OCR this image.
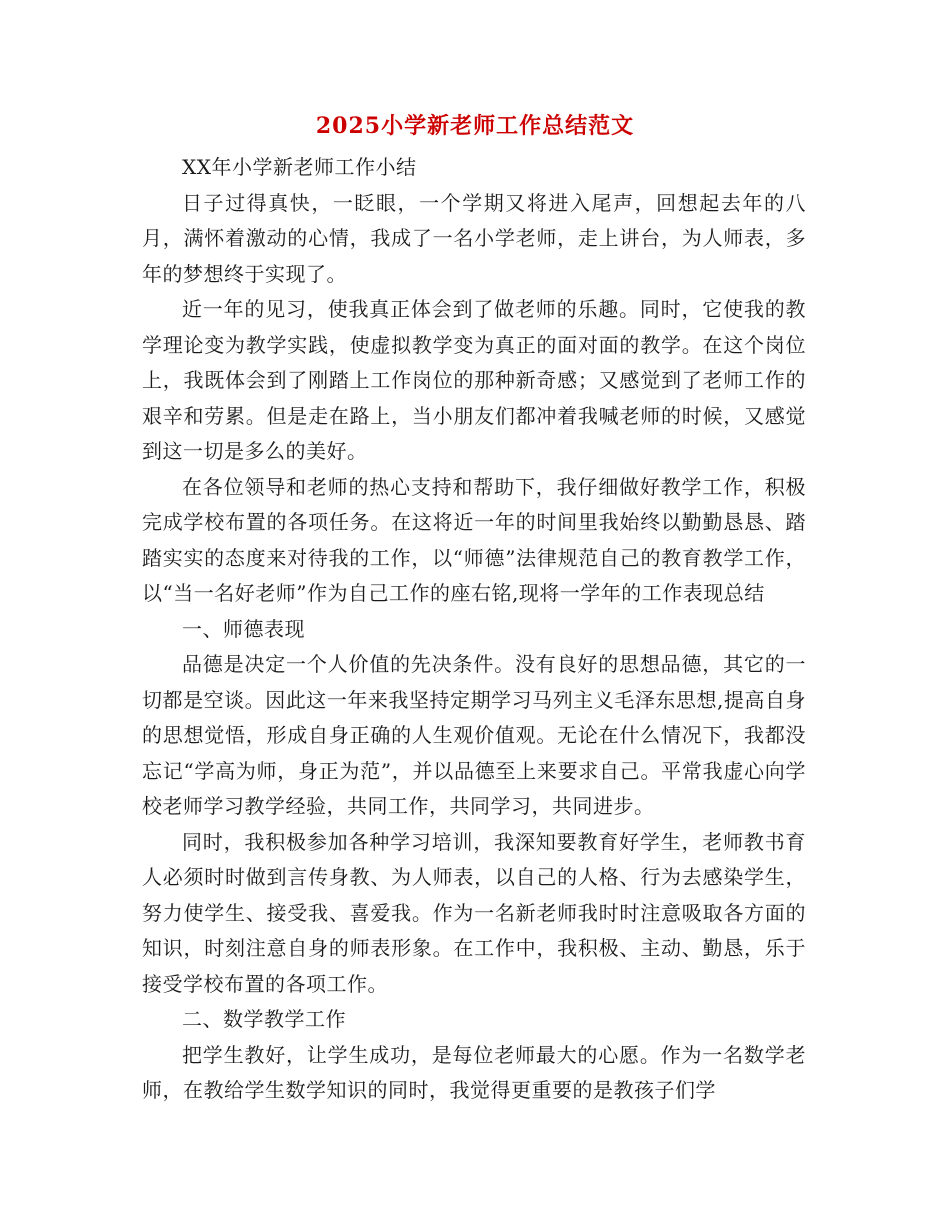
2025小学新老师工作总结范文

XX年小学新老师工作小结

日子过得真快，一眨眼，一个学期又将进入尾声，回想起去年的八月，满怀着激动的心情，我成了一名小学老师，走上讲台，为人师表，多年的梦想终于实现了。

近一年的见习，使我真正体会到了做老师的乐趣。同时，它使我的教学理论变为教学实践，使虚拟教学变为真正的面对面的教学。在这个岗位上，我既体会到了刚踏上工作岗位的那种新奇感；又感觉到了老师工作的艰辛和劳累。但是走在路上，当小朋友们都冲着我喊老师的时候，又感觉到这一切是多么的美好。

在各位领导和老师的热心支持和帮助下，我仔细做好教学工作，积极完成学校布置的各项任务。在这将近一年的时间里我始终以勤勤恳恳、踏踏实实的态度来对待我的工作，以“师德”法律规范自己的教育教学工作，以“当一名好老师”作为自己工作的座右铭,现将一学年的工作表现总结

一、师德表现

品德是决定一个人价值的先决条件。没有良好的思想品德，其它的一切都是空谈。因此这一年来我坚持定期学习马列主义毛泽东思想,提高自身的思想觉悟，形成自身正确的人生观价值观。无论在什么情况下，我都没忘记“学高为师，身正为范”，并以品德至上来要求自己。平常我虚心向学校老师学习教学经验，共同工作，共同学习，共同进步。

同时，我积极参加各种学习培训，我深知要教育好学生，老师教书育人必须时时做到言传身教、为人师表，以自己的人格、行为去感染学生，努力使学生、接受我、喜爱我。作为一名新老师我时时注意吸取各方面的知识，时刻注意自身的师表形象。在工作中，我积极、主动、勤恳，乐于接受学校布置的各项工作。

二、数学教学工作

把学生教好，让学生成功，是每位老师最大的心愿。作为一名数学老师，在教给学生数学知识的同时，我觉得更重要的是教孩子们学
